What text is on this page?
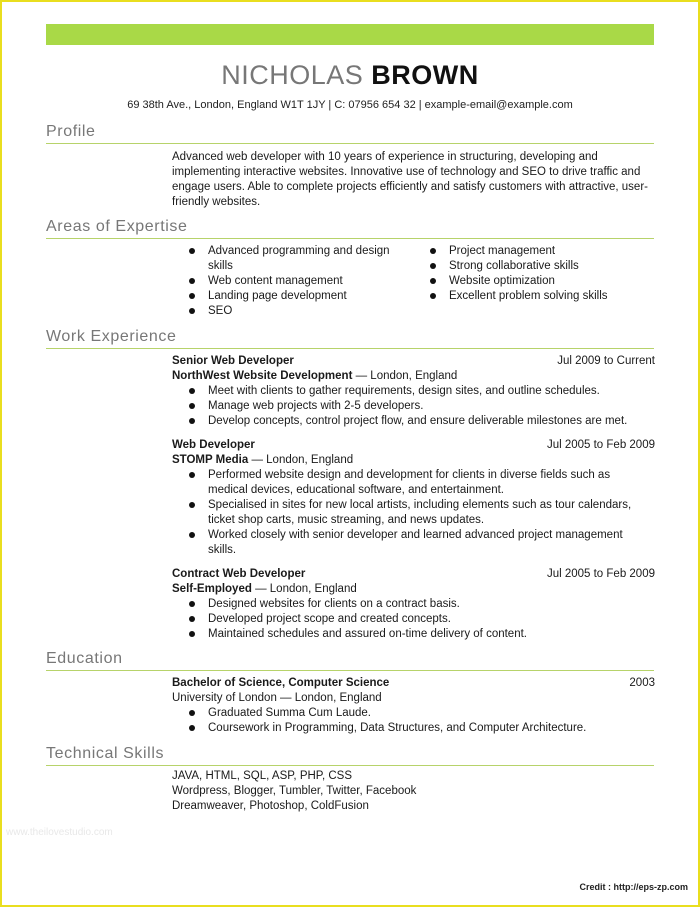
NICHOLAS BROWN
69 38th Ave., London, England W1T 1JY | C: 07956 654 32 | example-email@example.com
Profile
Advanced web developer with 10 years of experience in structuring, developing and implementing interactive websites. Innovative use of technology and SEO to drive traffic and engage users. Able to complete projects efficiently and satisfy customers with attractive, user-friendly websites.
Areas of Expertise
Advanced programming and design skills
Web content management
Landing page development
SEO
Project management
Strong collaborative skills
Website optimization
Excellent problem solving skills
Work Experience
Senior Web Developer	Jul 2009 to Current
NorthWest Website Development — London, England
Meet with clients to gather requirements, design sites, and outline schedules.
Manage web projects with 2-5 developers.
Develop concepts, control project flow, and ensure deliverable milestones are met.
Web Developer	Jul 2005 to Feb 2009
STOMP Media — London, England
Performed website design and development for clients in diverse fields such as medical devices, educational software, and entertainment.
Specialised in sites for new local artists, including elements such as tour calendars, ticket shop carts, music streaming, and news updates.
Worked closely with senior developer and learned advanced project management skills.
Contract Web Developer	Jul 2005 to Feb 2009
Self-Employed — London, England
Designed websites for clients on a contract basis.
Developed project scope and created concepts.
Maintained schedules and assured on-time delivery of content.
Education
Bachelor of Science, Computer Science	2003
University of London — London, England
Graduated Summa Cum Laude.
Coursework in Programming, Data Structures, and Computer Architecture.
Technical Skills
JAVA, HTML, SQL, ASP, PHP, CSS
Wordpress, Blogger, Tumbler, Twitter, Facebook
Dreamweaver, Photoshop, ColdFusion
www.theilovestudio.com
Credit : http://eps-zp.com
